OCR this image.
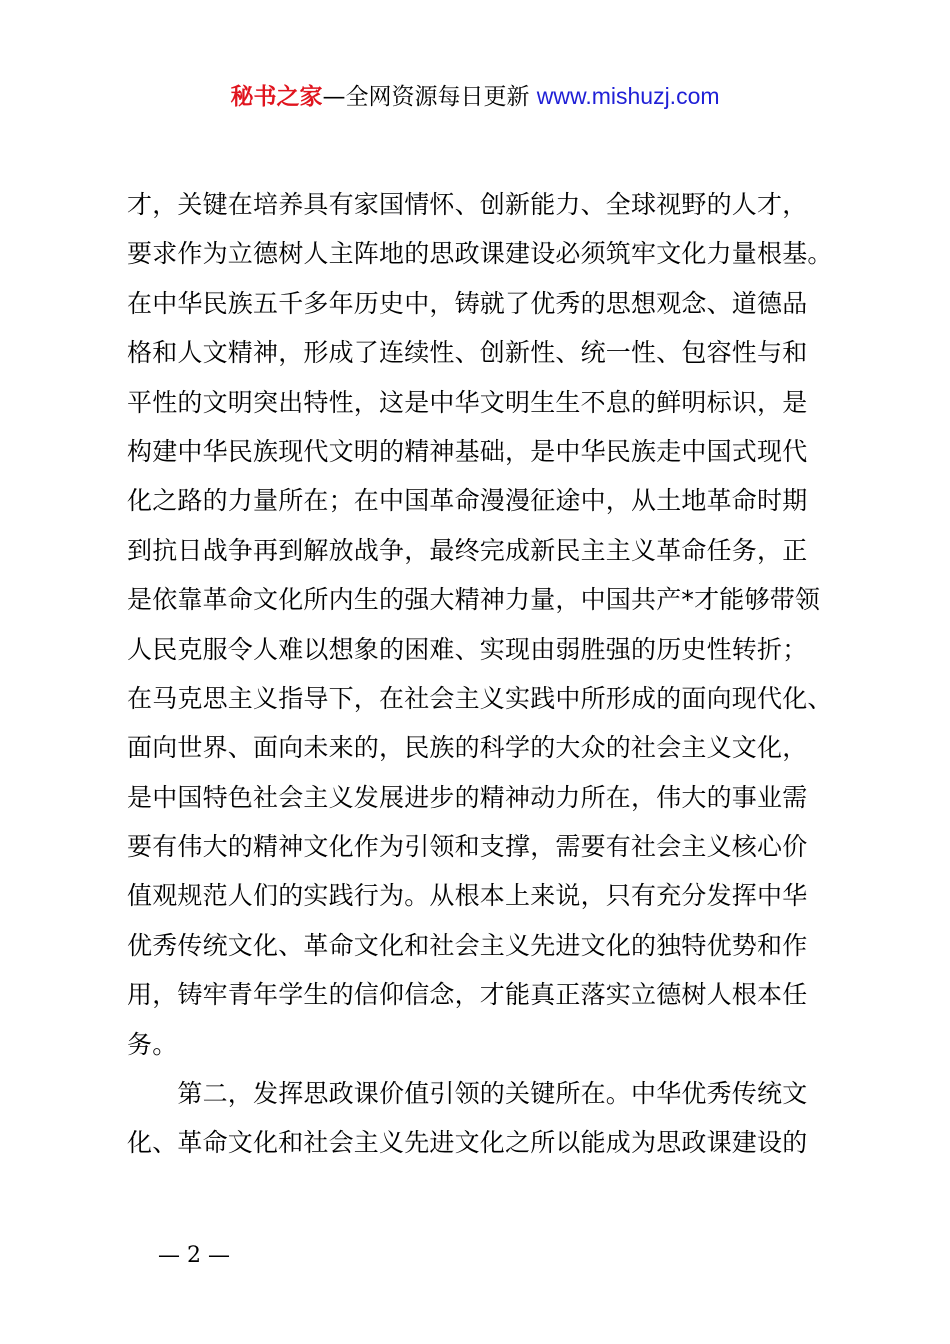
秘书之家—全网资源每日更新 www.mishuzj.com
才，关键在培养具有家国情怀、创新能力、全球视野的人才，
要求作为立德树人主阵地的思政课建设必须筑牢文化力量根基。
在中华民族五千多年历史中，铸就了优秀的思想观念、道德品
格和人文精神，形成了连续性、创新性、统一性、包容性与和
平性的文明突出特性，这是中华文明生生不息的鲜明标识，是
构建中华民族现代文明的精神基础，是中华民族走中国式现代
化之路的力量所在；在中国革命漫漫征途中，从土地革命时期
到抗日战争再到解放战争，最终完成新民主主义革命任务，正
是依靠革命文化所内生的强大精神力量，中国共产*才能够带领
人民克服令人难以想象的困难、实现由弱胜强的历史性转折；
在马克思主义指导下，在社会主义实践中所形成的面向现代化、
面向世界、面向未来的，民族的科学的大众的社会主义文化，
是中国特色社会主义发展进步的精神动力所在，伟大的事业需
要有伟大的精神文化作为引领和支撑，需要有社会主义核心价
值观规范人们的实践行为。从根本上来说，只有充分发挥中华
优秀传统文化、革命文化和社会主义先进文化的独特优势和作
用，铸牢青年学生的信仰信念，才能真正落实立德树人根本任
务。
　　第二，发挥思政课价值引领的关键所在。中华优秀传统文
化、革命文化和社会主义先进文化之所以能成为思政课建设的
— 2 —
